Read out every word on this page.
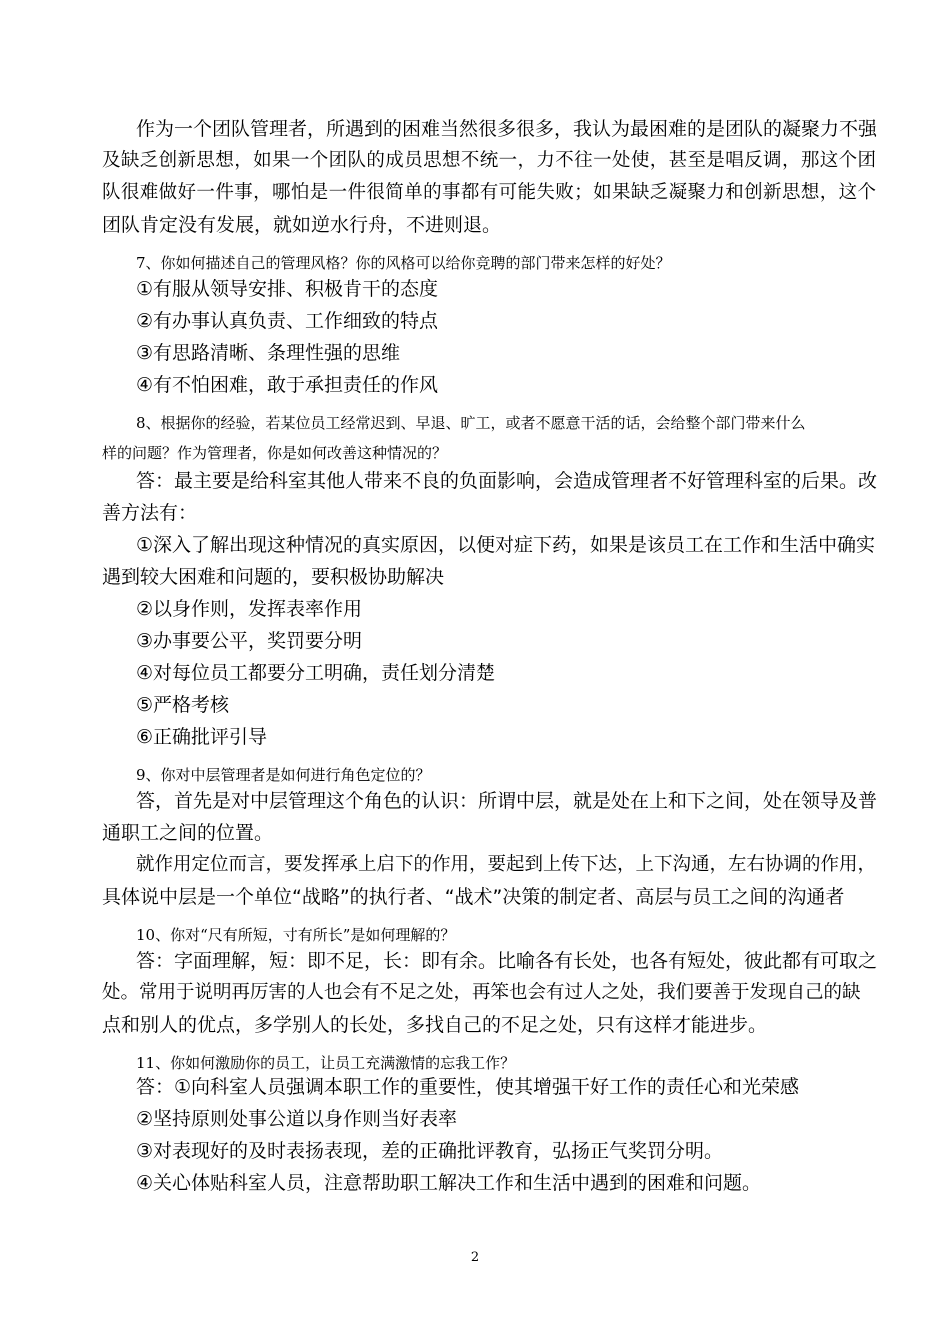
作为一个团队管理者，所遇到的困难当然很多很多，我认为最困难的是团队的凝聚力不强
及缺乏创新思想，如果一个团队的成员思想不统一，力不往一处使，甚至是唱反调，那这个团
队很难做好一件事，哪怕是一件很简单的事都有可能失败；如果缺乏凝聚力和创新思想，这个
团队肯定没有发展，就如逆水行舟，不进则退。
7、你如何描述自己的管理风格？你的风格可以给你竞聘的部门带来怎样的好处？
①有服从领导安排、积极肯干的态度
②有办事认真负责、工作细致的特点
③有思路清晰、条理性强的思维
④有不怕困难，敢于承担责任的作风
8、根据你的经验，若某位员工经常迟到、早退、旷工，或者不愿意干活的话，会给整个部门带来什么
样的问题？作为管理者，你是如何改善这种情况的？
答：最主要是给科室其他人带来不良的负面影响，会造成管理者不好管理科室的后果。改
善方法有：
①深入了解出现这种情况的真实原因，以便对症下药，如果是该员工在工作和生活中确实
遇到较大困难和问题的，要积极协助解决
②以身作则，发挥表率作用
③办事要公平，奖罚要分明
④对每位员工都要分工明确，责任划分清楚
⑤严格考核
⑥正确批评引导
9、你对中层管理者是如何进行角色定位的？
答，首先是对中层管理这个角色的认识：所谓中层，就是处在上和下之间，处在领导及普
通职工之间的位置。
就作用定位而言，要发挥承上启下的作用，要起到上传下达，上下沟通，左右协调的作用，
具体说中层是一个单位“战略”的执行者、“战术”决策的制定者、高层与员工之间的沟通者
10、你对“尺有所短，寸有所长”是如何理解的？
答：字面理解，短：即不足，长：即有余。比喻各有长处，也各有短处，彼此都有可取之
处。常用于说明再厉害的人也会有不足之处，再笨也会有过人之处，我们要善于发现自己的缺
点和别人的优点，多学别人的长处，多找自己的不足之处，只有这样才能进步。
11、你如何激励你的员工，让员工充满激情的忘我工作？
答：①向科室人员强调本职工作的重要性，使其增强干好工作的责任心和光荣感
②坚持原则处事公道以身作则当好表率
③对表现好的及时表扬表现，差的正确批评教育，弘扬正气奖罚分明。
④关心体贴科室人员，注意帮助职工解决工作和生活中遇到的困难和问题。
2
